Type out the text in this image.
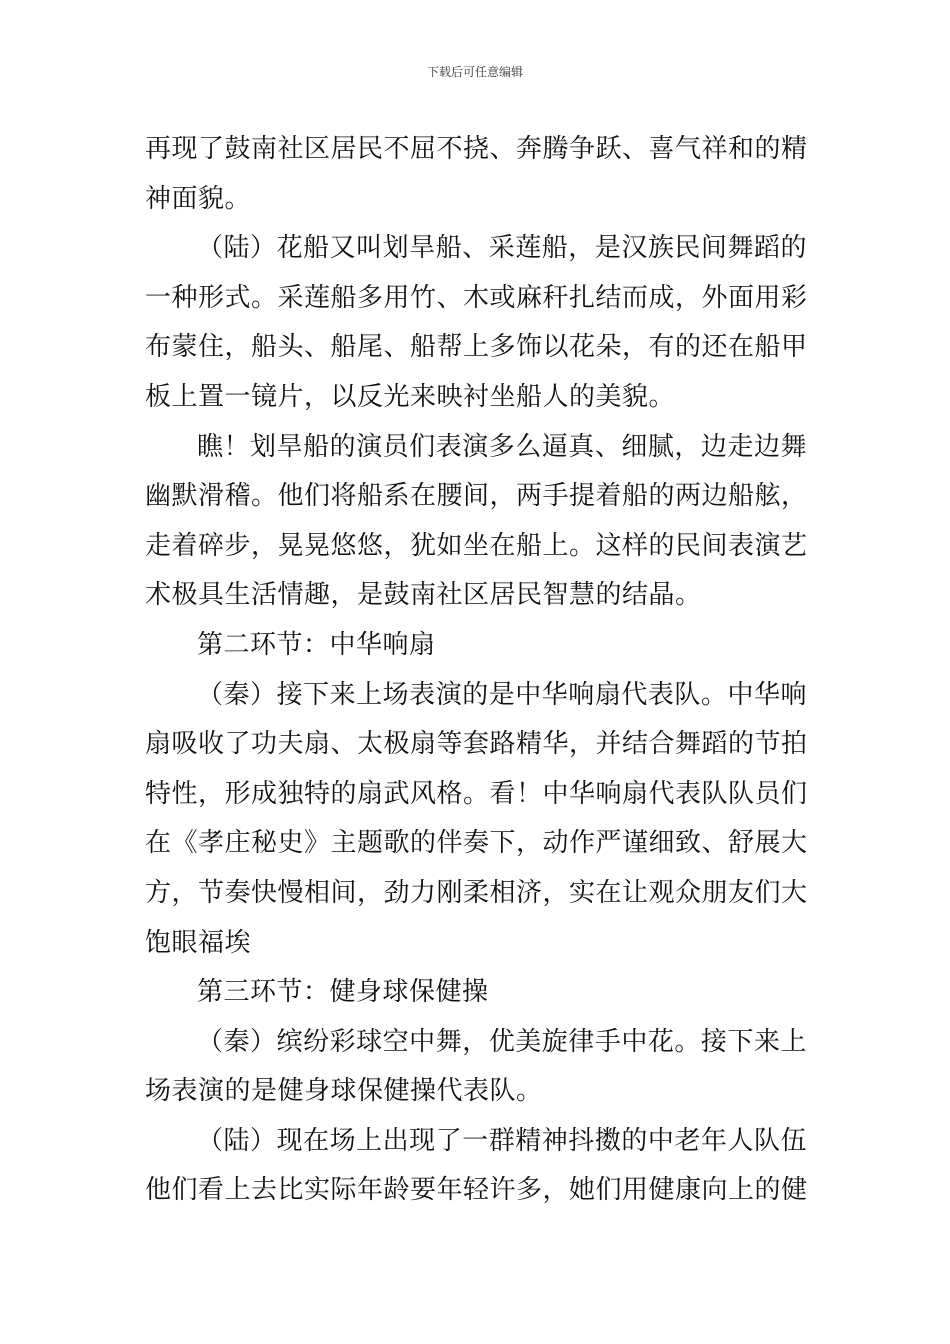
下载后可任意编辑
再现了鼓南社区居民不屈不挠、奔腾争跃、喜气祥和的精
神面貌。
（陆）花船又叫划旱船、采莲船，是汉族民间舞蹈的
一种形式。采莲船多用竹、木或麻秆扎结而成，外面用彩
布蒙住，船头、船尾、船帮上多饰以花朵，有的还在船甲
板上置一镜片，以反光来映衬坐船人的美貌。
瞧！划旱船的演员们表演多么逼真、细腻，边走边舞
幽默滑稽。他们将船系在腰间，两手提着船的两边船舷，
走着碎步，晃晃悠悠，犹如坐在船上。这样的民间表演艺
术极具生活情趣，是鼓南社区居民智慧的结晶。
第二环节：中华响扇
（秦）接下来上场表演的是中华响扇代表队。中华响
扇吸收了功夫扇、太极扇等套路精华，并结合舞蹈的节拍
特性，形成独特的扇武风格。看！中华响扇代表队队员们
在《孝庄秘史》主题歌的伴奏下，动作严谨细致、舒展大
方，节奏快慢相间，劲力刚柔相济，实在让观众朋友们大
饱眼福埃
第三环节：健身球保健操
（秦）缤纷彩球空中舞，优美旋律手中花。接下来上
场表演的是健身球保健操代表队。
（陆）现在场上出现了一群精神抖擞的中老年人队伍
他们看上去比实际年龄要年轻许多，她们用健康向上的健
